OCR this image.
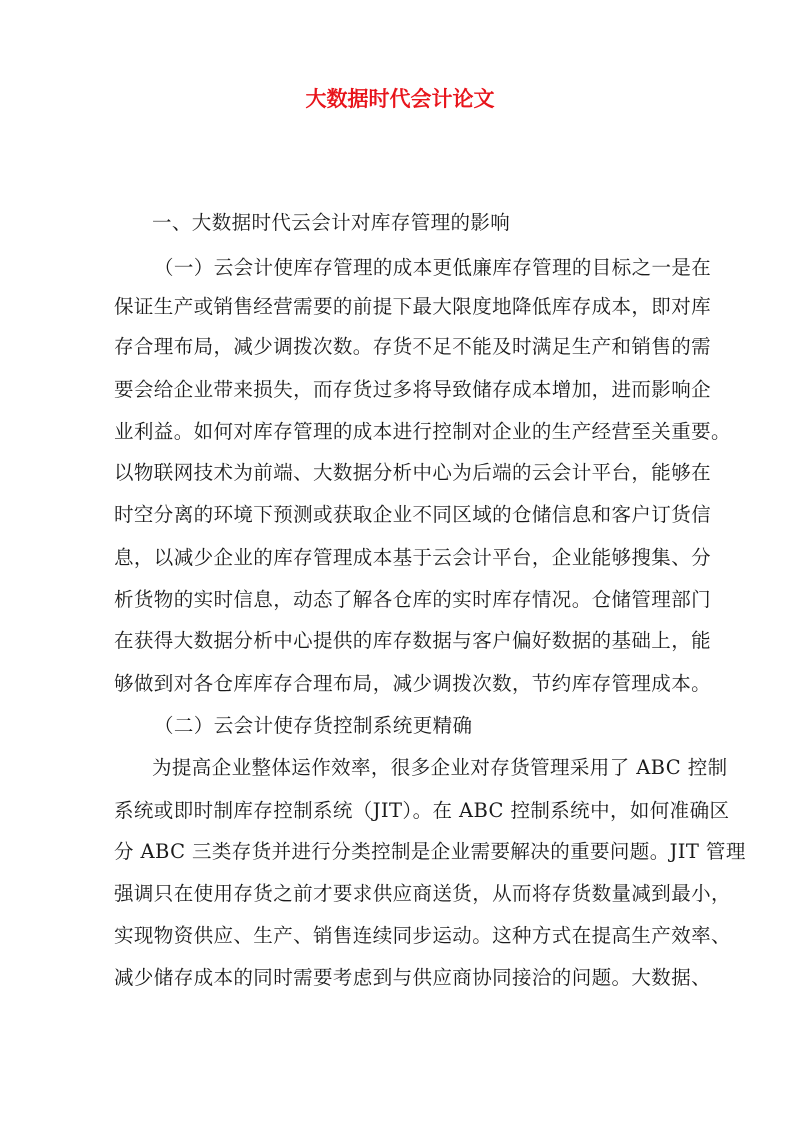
大数据时代会计论文
一、大数据时代云会计对库存管理的影响
（一）云会计使库存管理的成本更低廉库存管理的目标之一是在
保证生产或销售经营需要的前提下最大限度地降低库存成本，即对库
存合理布局，减少调拨次数。存货不足不能及时满足生产和销售的需
要会给企业带来损失，而存货过多将导致储存成本增加，进而影响企
业利益。如何对库存管理的成本进行控制对企业的生产经营至关重要。
以物联网技术为前端、大数据分析中心为后端的云会计平台，能够在
时空分离的环境下预测或获取企业不同区域的仓储信息和客户订货信
息，以减少企业的库存管理成本基于云会计平台，企业能够搜集、分
析货物的实时信息，动态了解各仓库的实时库存情况。仓储管理部门
在获得大数据分析中心提供的库存数据与客户偏好数据的基础上，能
够做到对各仓库库存合理布局，减少调拨次数，节约库存管理成本。
（二）云会计使存货控制系统更精确
为提高企业整体运作效率，很多企业对存货管理采用了 ABC 控制
系统或即时制库存控制系统（JIT）。在 ABC 控制系统中，如何准确区
分 ABC 三类存货并进行分类控制是企业需要解决的重要问题。JIT 管理
强调只在使用存货之前才要求供应商送货，从而将存货数量减到最小，
实现物资供应、生产、销售连续同步运动。这种方式在提高生产效率、
减少储存成本的同时需要考虑到与供应商协同接洽的问题。大数据、
